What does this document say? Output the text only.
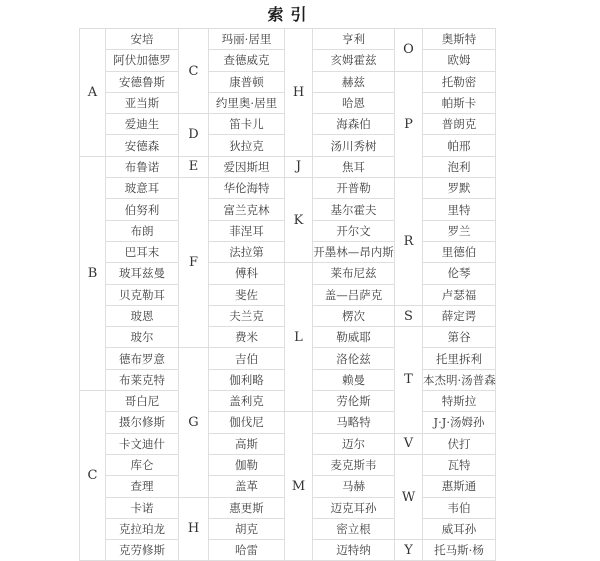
索引
A	安培	C	玛丽·居里	H	亨利	O	奥斯特
	阿伏加德罗		查德威克		亥姆霍兹		欧姆
	安德鲁斯		康普顿		赫兹	P	托勒密
	亚当斯		约里奥·居里		哈恩		帕斯卡
	爱迪生	D	笛卡儿		海森伯		普朗克
	安德森		狄拉克		汤川秀树		帕邢
B	布鲁诺	E	爱因斯坦	J	焦耳		泡利
	玻意耳	F	华伦海特	K	开普勒	R	罗默
	伯努利		富兰克林		基尔霍夫		里特
	布朗		菲涅耳		开尔文		罗兰
	巴耳末		法拉第		开墨林—昂内斯		里德伯
	玻耳兹曼		傅科	L	莱布尼兹		伦琴
	贝克勒耳		斐佐		盖—吕萨克		卢瑟福
	玻恩		夫兰克		楞次	S	薛定谔
	玻尔		费米		勒威耶	T	第谷
	德布罗意	G	吉伯		洛伦兹		托里拆利
	布莱克特		伽利略		赖曼		本杰明·汤普森
C	哥白尼		盖利克		劳伦斯		特斯拉
	摄尔修斯		伽伐尼	M	马略特		J·J·汤姆孙
	卡文迪什		高斯		迈尔	V	伏打
	库仑		伽勒		麦克斯韦	W	瓦特
	查理		盖革		马赫		惠斯通
	卡诺	H	惠更斯		迈克耳孙		韦伯
	克拉珀龙		胡克		密立根		威耳孙
	克劳修斯		哈雷		迈特纳	Y	托马斯·杨
